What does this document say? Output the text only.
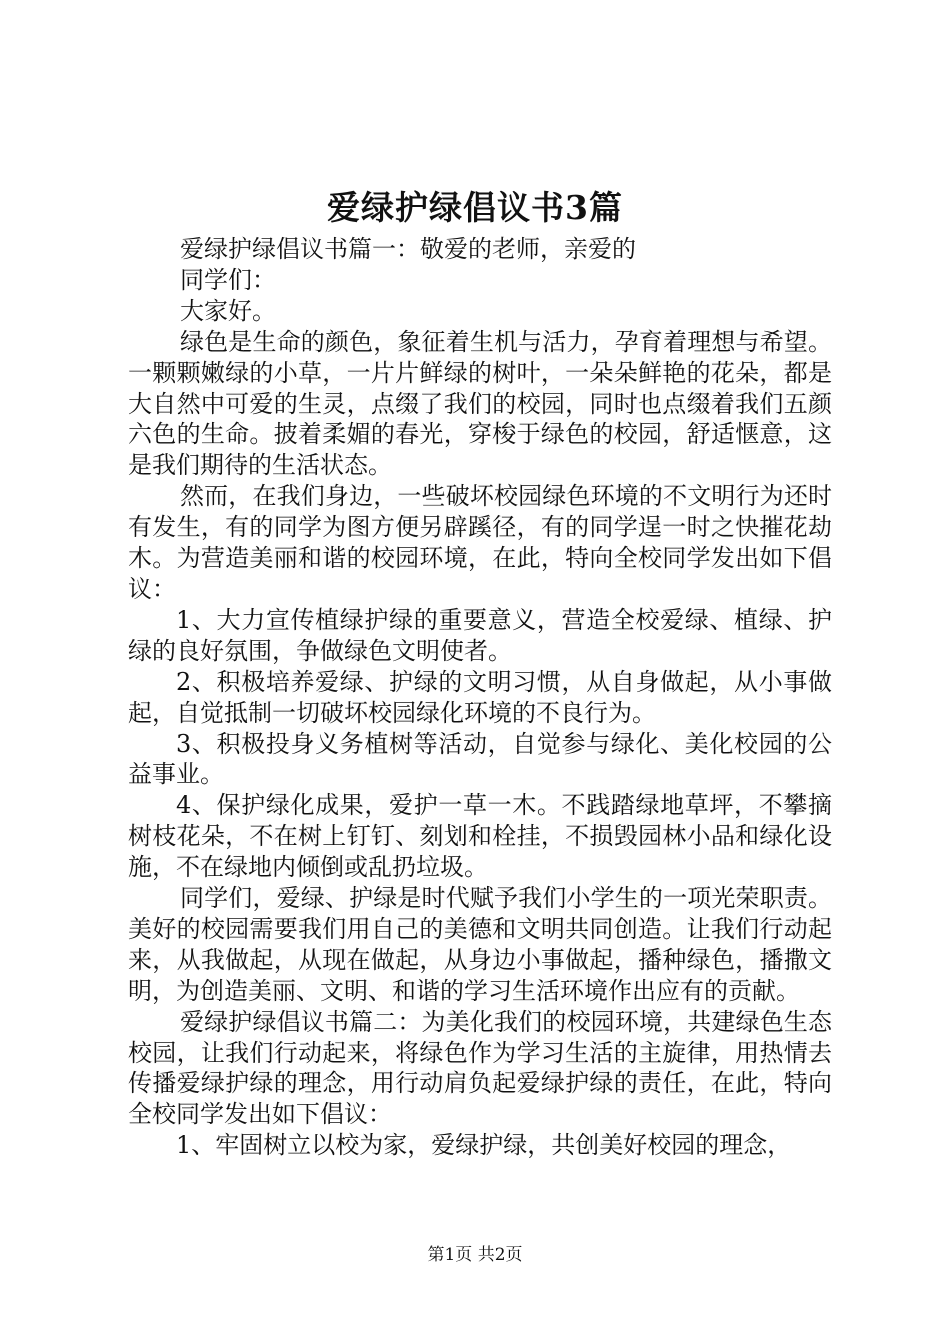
爱绿护绿倡议书3篇

爱绿护绿倡议书篇一：敬爱的老师，亲爱的

同学们：

大家好。

绿色是生命的颜色，象征着生机与活力，孕育着理想与希望。一颗颗嫩绿的小草，一片片鲜绿的树叶，一朵朵鲜艳的花朵，都是大自然中可爱的生灵，点缀了我们的校园，同时也点缀着我们五颜六色的生命。披着柔媚的春光，穿梭于绿色的校园，舒适惬意，这是我们期待的生活状态。

然而，在我们身边，一些破坏校园绿色环境的不文明行为还时有发生，有的同学为图方便另辟蹊径，有的同学逞一时之快摧花劫木。为营造美丽和谐的校园环境，在此，特向全校同学发出如下倡议：

1、大力宣传植绿护绿的重要意义，营造全校爱绿、植绿、护绿的良好氛围，争做绿色文明使者。

2、积极培养爱绿、护绿的文明习惯，从自身做起，从小事做起，自觉抵制一切破坏校园绿化环境的不良行为。

3、积极投身义务植树等活动，自觉参与绿化、美化校园的公益事业。

4、保护绿化成果，爱护一草一木。不践踏绿地草坪，不攀摘树枝花朵，不在树上钉钉、刻划和栓挂，不损毁园林小品和绿化设施，不在绿地内倾倒或乱扔垃圾。

同学们，爱绿、护绿是时代赋予我们小学生的一项光荣职责。美好的校园需要我们用自己的美德和文明共同创造。让我们行动起来，从我做起，从现在做起，从身边小事做起，播种绿色，播撒文明，为创造美丽、文明、和谐的学习生活环境作出应有的贡献。

爱绿护绿倡议书篇二：为美化我们的校园环境，共建绿色生态校园，让我们行动起来，将绿色作为学习生活的主旋律，用热情去传播爱绿护绿的理念，用行动肩负起爱绿护绿的责任，在此，特向全校同学发出如下倡议：

1、牢固树立以校为家，爱绿护绿，共创美好校园的理念，

第1页 共2页
